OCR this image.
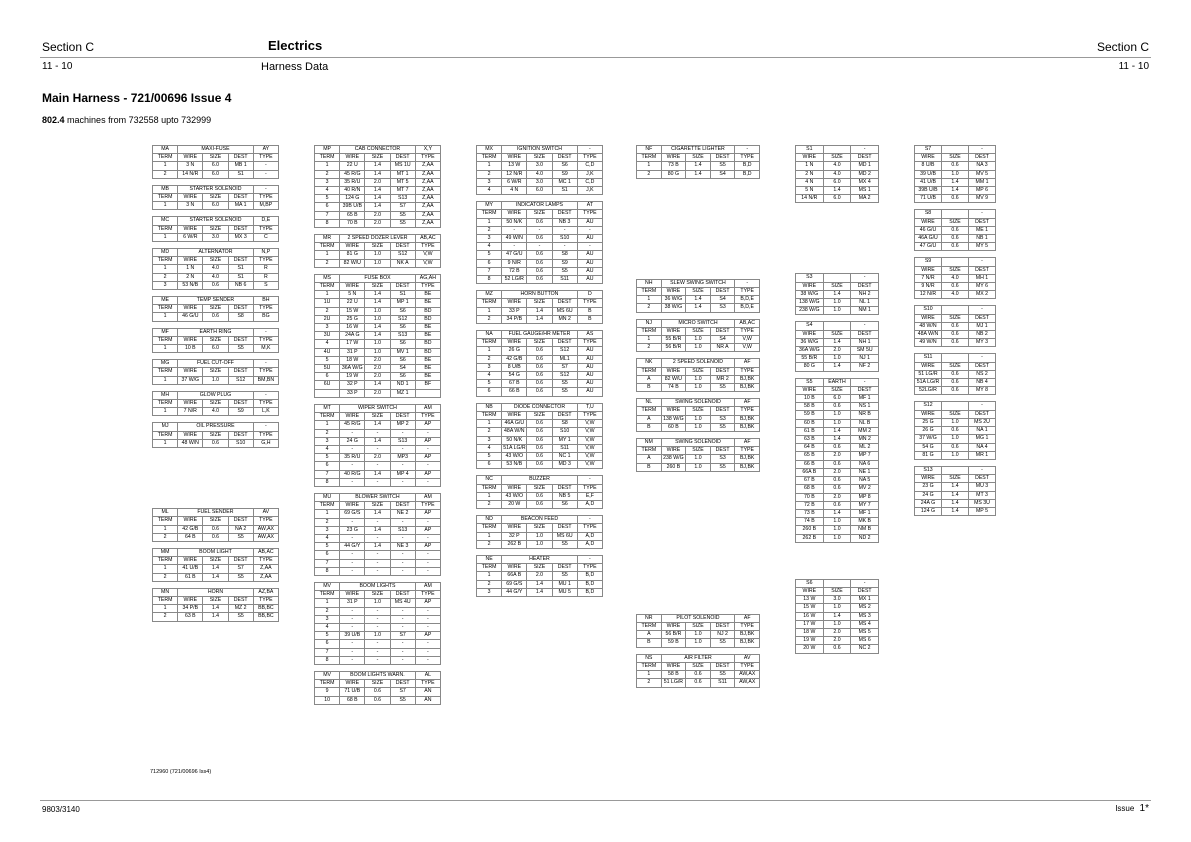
Section C	Electrics	Section C
11 - 10	Harness Data	11 - 10
Main Harness - 721/00696 Issue 4
802.4 machines from 732558 upto 732999
MA	MAXI-FUSE			AY
TERM	WIRE	SIZE	DEST	TYPE
1	3 N	6.0	MB 1	-
2	14 N/R	6.0	S1	-
MB	STARTER SOLENOID			-
TERM	WIRE	SIZE	DEST	TYPE
1	3 N	6.0	MA 1	M,BP
MC	STARTER SOLENOID			D,E
TERM	WIRE	SIZE	DEST	TYPE
1	6 W/R	3.0	MX 3	C
MD	ALTERNATOR			N,P
TERM	WIRE	SIZE	DEST	TYPE
1	1 N	4.0	S1	R
2	2 N	4.0	S1	R
3	53 N/B	0.6	NB 6	S
ME	TEMP SENDER			BH
TERM	WIRE	SIZE	DEST	TYPE
1	46 G/U	0.6	S8	BG
MF	EARTH RING			-
TERM	WIRE	SIZE	DEST	TYPE
1	10 B	6.0	S5	M,K
MG	FUEL CUT-OFF			-
TERM	WIRE	SIZE	DEST	TYPE
1	37 W/G	1.0	S12	BM,BN
MH	GLOW PLUG			-
TERM	WIRE	SIZE	DEST	TYPE
1	7 N/R	4.0	S9	L,K
MJ	OIL PRESSURE			-
TERM	WIRE	SIZE	DEST	TYPE
1	48 W/N	0.6	S10	G,H
ML	FUEL SENDER			AV
TERM	WIRE	SIZE	DEST	TYPE
1	42 G/B	0.6	NA 2	AW,AX
2	64 B	0.6	S5	AW,AX
MM	BOOM LIGHT			AB,AC
TERM	WIRE	SIZE	DEST	TYPE
1	41 U/B	1.4	S7	Z,AA
2	61 B	1.4	S5	Z,AA
MN	HORN			AZ,BA
TERM	WIRE	SIZE	DEST	TYPE
1	34 P/B	1.4	MZ 2	BB,BC
2	63 B	1.4	S5	BB,BC
MP	CAB CONNECTOR			X,Y
TERM	WIRE	SIZE	DEST	TYPE
1	22 U	1.4	MS 1U	Z,AA
2	45 R/G	1.4	MT 1	Z,AA
3	35 R/U	2.0	MT 5	Z,AA
4	40 R/N	1.4	MT 7	Z,AA
5	124 G	1.4	S13	Z,AA
6	39B U/B	1.4	S7	Z,AA
7	65 B	2.0	S5	Z,AA
8	70 B	2.0	S5	Z,AA
MR	2 SPEED DOZER LEVER			AB,AC
TERM	WIRE	SIZE	DEST	TYPE
1	81 G	1.0	S12	V,W
2	82 W/U	1.0	NK A	V,W
MS	FUSE BOX			AG,AH
TERM	WIRE	SIZE	DEST	TYPE
1	5 N	1.4	S1	BE
1U	22 U	1.4	MP 1	BE
2	15 W	1.0	S6	BD
2U	25 G	1.0	S12	BD
3	16 W	1.4	S6	BE
3U	24A G	1.4	S13	BE
4	17 W	1.0	S6	BD
4U	31 P	1.0	MV 1	BD
5	18 W	2.0	S6	BE
5U	36A W/G	2.0	S4	BE
6	19 W	2.0	S6	BE
6U	32 P	1.4	ND 1	BF
	33 P	2.0	MZ 1	
MT	WIPER SWITCH			AM
TERM	WIRE	SIZE	DEST	TYPE
1	45 R/G	1.4	MP 2	AP
2	-	-	-	-
3	24 G	1.4	S13	AP
4	-	-	-	-
5	35 R/U	2.0	MP3	AP
6	-	-	-	-
7	40 R/G	1.4	MP 4	AP
8	-	-	-	-
MU	BLOWER SWITCH			AM
TERM	WIRE	SIZE	DEST	TYPE
1	69 G/S	1.4	NE 2	AP
2	-	-	-	-
3	23 G	1.4	S13	AP
4	-	-	-	-
5	44 G/Y	1.4	NE 3	AP
6	-	-	-	-
7	-	-	-	-
8	-	-	-	-
MV	BOOM LIGHTS			AM
TERM	WIRE	SIZE	DEST	TYPE
1	31 P	1.0	MS 4U	AP
2	-	-	-	-
3	-	-	-	-
4	-	-	-	-
5	39 U/B	1.0	S7	AP
6	-	-	-	-
7	-	-	-	-
8	-	-	-	-
MV	BOOM LIGHTS WARN.			AL
TERM	WIRE	SIZE	DEST	TYPE
9	71 U/B	0.6	S7	AN
10	68 B	0.6	S5	AN
MX	IGNITION SWITCH			-
TERM	WIRE	SIZE	DEST	TYPE
1	13 W	3.0	S6	C,D
2	12 N/R	4.0	S9	J,K
3	6 W/R	3.0	MC 1	C,D
4	4 N	6.0	S1	J,K
MY	INDICATOR LAMPS			AT
TERM	WIRE	SIZE	DEST	TYPE
1	50 N/K	0.6	NB 3	AU
2	-	-	-	-
3	49 W/N	0.6	S10	AU
4	-	-	-	-
5	47 G/U	0.6	S8	AU
6	9 N/R	0.6	S9	AU
7	72 B	0.6	S5	AU
8	52 LG/R	0.6	S11	AU
MZ	HORN BUTTON			D
TERM	WIRE	SIZE	DEST	TYPE
1	33 P	1.4	MS 6U	B
2	34 P/B	1.4	MN 2	B
NA	FUEL GAUGE/HR METER			AS
TERM	WIRE	SIZE	DEST	TYPE
1	26 G	0.6	S12	AU
2	42 G/B	0.6	ML1	AU
3	8 U/B	0.6	S7	AU
4	54 G	0.6	S12	AU
5	67 B	0.6	S5	AU
6	66 B	0.6	S5	AU
NB	DIODE CONNECTOR			T,U
TERM	WIRE	SIZE	DEST	TYPE
1	46A G/U	0.6	S8	V,W
2	48A W/N	0.6	S10	V,W
3	50 N/K	0.6	MY 1	V,W
4	51A LG/R	0.6	S11	V,W
5	43 W/O	0.6	NC 1	V,W
6	53 N/B	0.6	MD 3	V,W
NC	BUZZER			-
TERM	WIRE	SIZE	DEST	TYPE
1	43 W/O	0.6	NB 5	E,F
2	20 W	0.6	S6	A,D
ND	BEACON FEED			-
TERM	WIRE	SIZE	DEST	TYPE
1	32 P	1.0	MS 6U	A,D
2	262 B	1.0	S5	A,D
NE	HEATER			-
TERM	WIRE	SIZE	DEST	TYPE
1	66A B	2.0	S5	B,D
2	69 G/S	1.4	MU 1	B,D
3	44 G/Y	1.4	MU 5	B,D
NF	CIGARETTE LIGHTER			-
TERM	WIRE	SIZE	DEST	TYPE
1	73 B	1.4	S5	B,D
2	80 G	1.4	S4	B,D
NH	SLEW SWING SWITCH			-
TERM	WIRE	SIZE	DEST	TYPE
1	36 W/G	1.4	S4	B,D,E
2	38 W/G	1.4	S3	B,D,E
NJ	MICRO SWITCH			AB,AC
TERM	WIRE	SIZE	DEST	TYPE
1	55 B/R	1.0	S4	V,W
2	56 B/R	1.0	NR A	V,W
NK	2 SPEED SOLENOID			AF
TERM	WIRE	SIZE	DEST	TYPE
A	82 W/U	1.0	MR 2	BJ,BK
B	74 B	1.0	S5	BJ,BK
NL	SWING SOLENOID			AF
TERM	WIRE	SIZE	DEST	TYPE
A	138 W/G	1.0	S3	BJ,BK
B	60 B	1.0	S5	BJ,BK
NM	SWING SOLENOID			AF
TERM	WIRE	SIZE	DEST	TYPE
A	238 W/G	1.0	S3	BJ,BK
B	260 B	1.0	S5	BJ,BK
NR	PILOT SOLENOID			AF
TERM	WIRE	SIZE	DEST	TYPE
A	56 B/R	1.0	NJ 2	BJ,BK
B	59 B	1.0	S5	BJ,BK
NS	AIR FILTER			AV
TERM	WIRE	SIZE	DEST	TYPE
1	58 B	0.6	S5	AW,AX
2	51 LG/R	0.6	S11	AW,AX
S1		-
WIRE	SIZE	DEST
1 N	4.0	MD 1
2 N	4.0	MD 2
4 N	6.0	MX 4
5 N	1.4	MS 1
14 N/R	6.0	MA 2
S3		-
WIRE	SIZE	DEST
38 W/G	1.4	NH 2
138 W/G	1.0	NL 1
238 W/G	1.0	NM 1
S4		-
WIRE	SIZE	DEST
36 W/G	1.4	NH 1
36A W/G	2.0	SM 5U
55 B/R	1.0	NJ 1
80 G	1.4	NF 2
S5	EARTH	-
WIRE	SIZE	DEST
10 B	6.0	MF 1
58 B	0.6	NS 1
59 B	1.0	NR B
60 B	1.0	NL B
61 B	1.4	MM 2
63 B	1.4	MN 2
64 B	0.6	ML 2
65 B	2.0	MP 7
66 B	0.6	NA 6
66A B	2.0	NE 1
67 B	0.6	NA 5
68 B	0.6	MV 2
70 B	2.0	MP 8
72 B	0.6	MY 7
73 B	1.4	MF 1
74 B	1.0	MK B
260 B	1.0	NM B
262 B	1.0	ND 2
S6		-
WIRE	SIZE	DEST
13 W	3.0	MX 1
15 W	1.0	MS 2
16 W	1.4	MS 3
17 W	1.0	MS 4
18 W	2.0	MS 5
19 W	2.0	MS 6
20 W	0.6	NC 2
S7		-
WIRE	SIZE	DEST
8 U/B	0.6	NA 3
39 U/B	1.0	MV 5
41 U/B	1.4	MM 1
39B U/B	1.4	MP 6
71 U/B	0.6	MV 9
S8		-
WIRE	SIZE	DEST
46 G/U	0.6	ME 1
46A G/U	0.6	NB 1
47 G/U	0.6	MY 5
S9		-
WIRE	SIZE	DEST
7 N/R	4.0	MH 1
9 N/R	0.6	MY 6
12 N/R	4.0	MX 2
S10		-
WIRE	SIZE	DEST
48 W/N	0.6	MJ 1
48A W/N	0.6	NB 2
49 W/N	0.6	MY 3
S11		-
WIRE	SIZE	DEST
51 LG/R	0.6	NS 2
51A LG/R	0.6	NB 4
52LG/R	0.6	MY 8
S12		-
WIRE	SIZE	DEST
25 G	1.0	MS 2U
26 G	0.6	NA 1
37 W/G	1.0	MG 1
54 G	0.6	NA 4
81 G	1.0	MR 1
S13		-
WIRE	SIZE	DEST
23 G	1.4	MU 3
24 G	1.4	MT 3
24A G	1.4	MS 3U
124 G	1.4	MP 5
712960 (721/00696 Iss4)
9803/3140	Issue 1*
